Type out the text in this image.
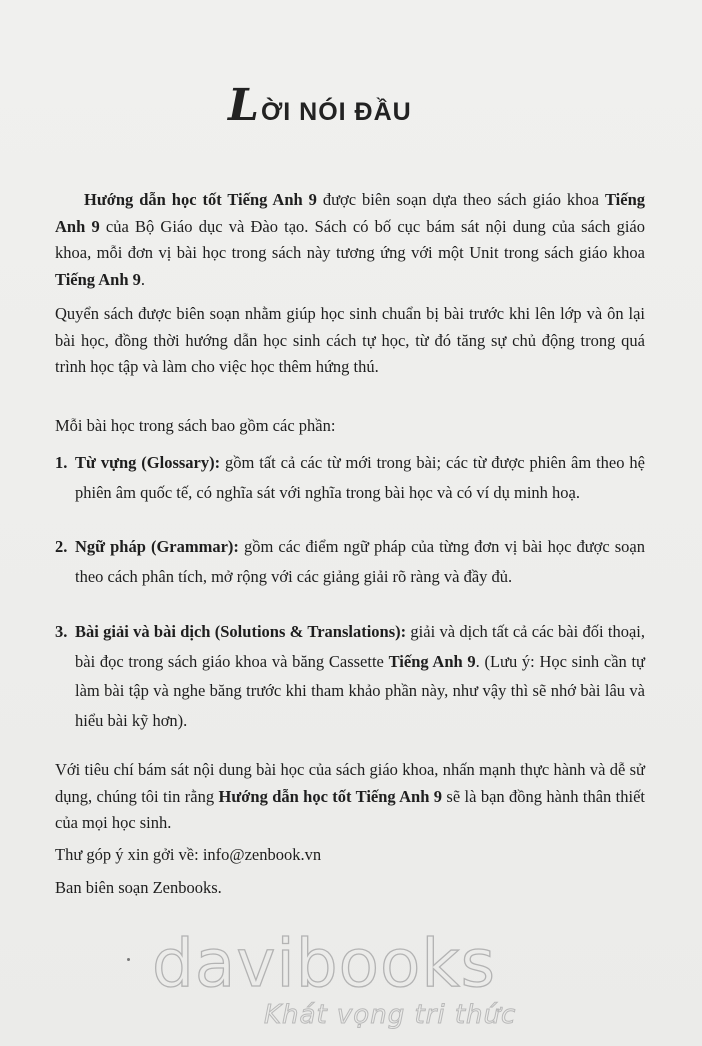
LỜI NÓI ĐẦU
Hướng dẫn học tốt Tiếng Anh 9 được biên soạn dựa theo sách giáo khoa Tiếng Anh 9 của Bộ Giáo dục và Đào tạo. Sách có bố cục bám sát nội dung của sách giáo khoa, mỗi đơn vị bài học trong sách này tương ứng với một Unit trong sách giáo khoa Tiếng Anh 9.
Quyển sách được biên soạn nhằm giúp học sinh chuẩn bị bài trước khi lên lớp và ôn lại bài học, đồng thời hướng dẫn học sinh cách tự học, từ đó tăng sự chủ động trong quá trình học tập và làm cho việc học thêm hứng thú.
Mỗi bài học trong sách bao gồm các phần:
1. Từ vựng (Glossary): gồm tất cả các từ mới trong bài; các từ được phiên âm theo hệ phiên âm quốc tế, có nghĩa sát với nghĩa trong bài học và có ví dụ minh hoạ.
2. Ngữ pháp (Grammar): gồm các điểm ngữ pháp của từng đơn vị bài học được soạn theo cách phân tích, mở rộng với các giảng giải rõ ràng và đầy đủ.
3. Bài giải và bài dịch (Solutions & Translations): giải và dịch tất cả các bài đối thoại, bài đọc trong sách giáo khoa và băng Cassette Tiếng Anh 9. (Lưu ý: Học sinh cần tự làm bài tập và nghe băng trước khi tham khảo phần này, như vậy thì sẽ nhớ bài lâu và hiểu bài kỹ hơn).
Với tiêu chí bám sát nội dung bài học của sách giáo khoa, nhấn mạnh thực hành và dễ sử dụng, chúng tôi tin rằng Hướng dẫn học tốt Tiếng Anh 9 sẽ là bạn đồng hành thân thiết của mọi học sinh.
Thư góp ý xin gởi về: info@zenbook.vn
Ban biên soạn Zenbooks.
davibooks
Khát vọng tri thức
